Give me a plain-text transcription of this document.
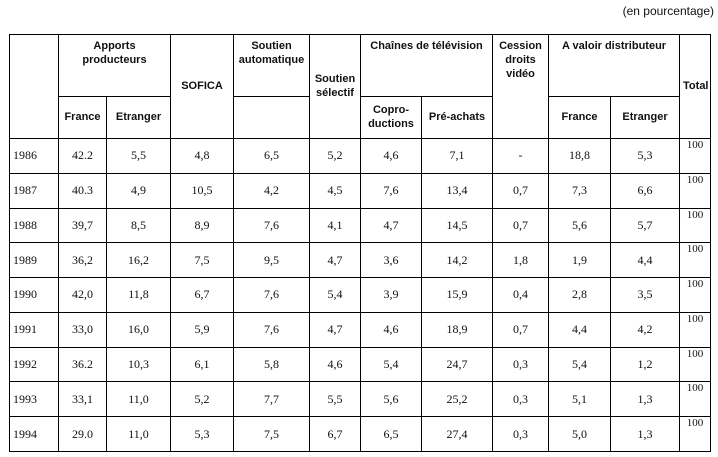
(en pourcentage)
	Apports producteurs		SOFICA	Soutien automatique	Soutien sélectif	Chaînes de télévision		Cession droits vidéo	A valoir distributeur		Total
	France	Etranger				Copro-ductions	Pré-achats		France	Etranger	
1986	42.2	5,5	4,8	6,5	5,2	4,6	7,1	-	18,8	5,3	100
1987	40.3	4,9	10,5	4,2	4,5	7,6	13,4	0,7	7,3	6,6	100
1988	39,7	8,5	8,9	7,6	4,1	4,7	14,5	0,7	5,6	5,7	100
1989	36,2	16,2	7,5	9,5	4,7	3,6	14,2	1,8	1,9	4,4	100
1990	42,0	11,8	6,7	7,6	5,4	3,9	15,9	0,4	2,8	3,5	100
1991	33,0	16,0	5,9	7,6	4,7	4,6	18,9	0,7	4,4	4,2	100
1992	36.2	10,3	6,1	5,8	4,6	5,4	24,7	0,3	5,4	1,2	100
1993	33,1	11,0	5,2	7,7	5,5	5,6	25,2	0,3	5,1	1,3	100
1994	29.0	11,0	5,3	7,5	6,7	6,5	27,4	0,3	5,0	1,3	100
